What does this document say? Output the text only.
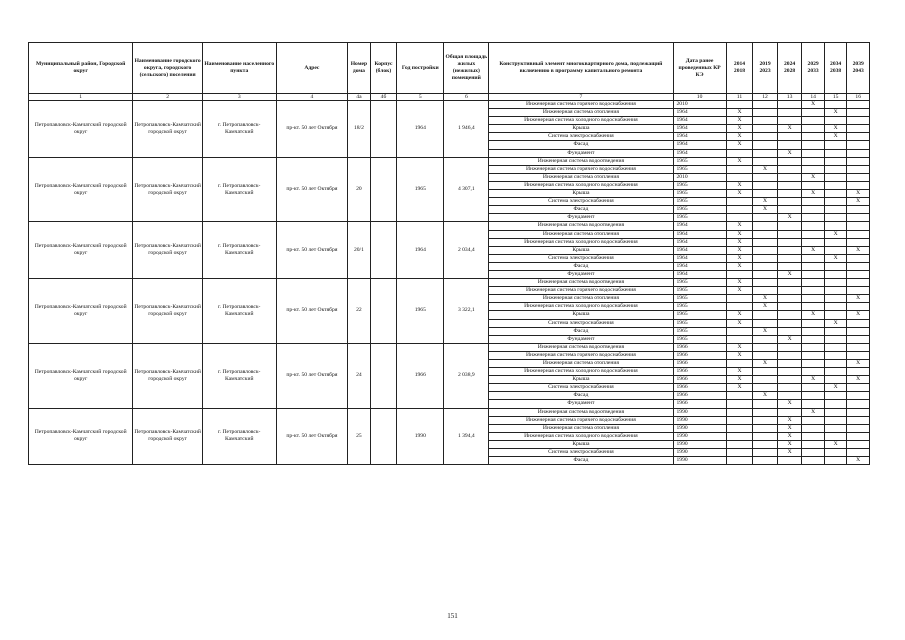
Муниципальный район, Городской округ	Наименование городского округа, городского (сельского) поселения	Наименование населенного пункта	Адрес	Номер дома	Корпус (блок)	Год постройки	Общая площадь жилых (нежилых) помещений	Конструктивный элемент многоквартирного дома, подлежащий включению в программу капитального ремонта	Дата ранее проведенных КР КЭ	2014 2018	2019 2023	2024 2028	2029 2033	2034 2038	2039 2043
1	2	3	4	4a	4б	5	6	7	10	11	12	13	14	15	16
Петропавловск-Камчатский городской округ	Петропавловск-Камчатский городской округ	г. Петропавловск-Камчатский	пр-кт. 50 лет Октября	18/2		1964	1 946,4	Инженерная система горячего водоснабжения	2010				X		
								Инженерная система отопления	1964	X				X	
								Инженерная система холодного водоснабжения	1964	X					
								Крыша	1964	X		X		X	
								Система электроснабжения	1964	X				X	
								Фасад	1964	X					
								Фундамент	1964			X			
Петропавловск-Камчатский городской округ	Петропавловск-Камчатский городской округ	г. Петропавловск-Камчатский	пр-кт. 50 лет Октября	20		1965	4 307,1	Инженерная система водоотведения	1965	X					
								Инженерная система горячего водоснабжения	1965		X				
								Инженерная система отопления	2010				X		
								Инженерная система холодного водоснабжения	1965	X					
								Крыша	1965	X			X		X
								Система электроснабжения	1965		X				X
								Фасад	1965		X				
								Фундамент	1965			X			
Петропавловск-Камчатский городской округ	Петропавловск-Камчатский городской округ	г. Петропавловск-Камчатский	пр-кт. 50 лет Октября	20/1		1964	2 034,4	Инженерная система водоотведения	1964	X					
								Инженерная система отопления	1964	X				X	
								Инженерная система холодного водоснабжения	1964	X					
								Крыша	1964	X			X		X
								Система электроснабжения	1964	X				X	
								Фасад	1964	X					
								Фундамент	1964			X			
Петропавловск-Камчатский городской округ	Петропавловск-Камчатский городской округ	г. Петропавловск-Камчатский	пр-кт. 50 лет Октября	22		1965	3 322,1	Инженерная система водоотведения	1965	X					
								Инженерная система горячего водоснабжения	1965	X					
								Инженерная система отопления	1965		X				X
								Инженерная система холодного водоснабжения	1965		X				
								Крыша	1965	X			X		X
								Система электроснабжения	1965	X				X	
								Фасад	1965		X				
								Фундамент	1965			X			
Петропавловск-Камчатский городской округ	Петропавловск-Камчатский городской округ	г. Петропавловск-Камчатский	пр-кт. 50 лет Октября	24		1966	2 038,9	Инженерная система водоотведения	1966	X					
								Инженерная система горячего водоснабжения	1966	X					
								Инженерная система отопления	1966		X				X
								Инженерная система холодного водоснабжения	1966	X					
								Крыша	1966	X			X		X
								Система электроснабжения	1966	X				X	
								Фасад	1966		X				
								Фундамент	1966			X			
Петропавловск-Камчатский городской округ	Петропавловск-Камчатский городской округ	г. Петропавловск-Камчатский	пр-кт. 50 лет Октября	25		1990	1 394,4	Инженерная система водоотведения	1990				X		
								Инженерная система горячего водоснабжения	1990			X			
								Инженерная система отопления	1990			X			
								Инженерная система холодного водоснабжения	1990			X			
								Крыша	1990			X		X	
								Система электроснабжения	1990			X			
								Фасад	1990						X
151
